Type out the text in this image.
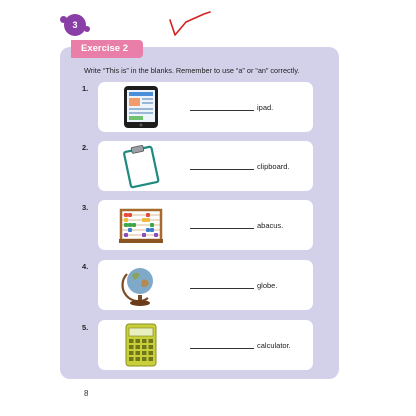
3
Exercise 2
Write “This is” in the blanks. Remember to use “a” or “an” correctly.
1.
ipad.
2.
clipboard.
3.
abacus.
4.
globe.
5.
calculator.
8
